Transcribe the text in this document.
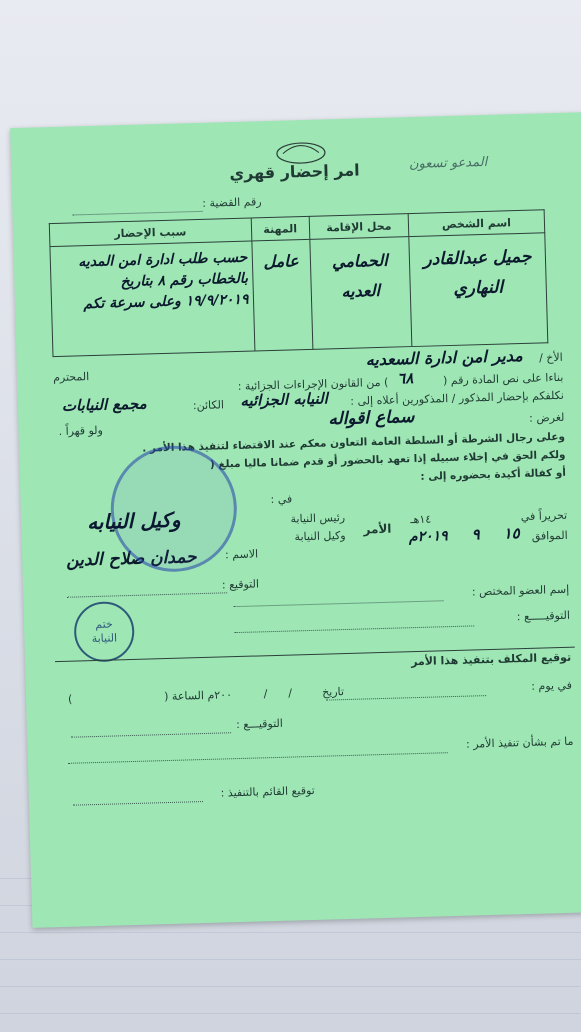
المدعو تسعون
امر إحضار قهري
رقم القضية :
اسم الشخص	محل الإقامة	المهنة	سبب الإحضار
جميل عبدالقادر النهاري	الحمامي العديه	عامل	حسب طلب ادارة امن المديه بالخطاب رقم ٨ بتاريخ ١٩/٩/٢٠١٩ وعلى سرعة تكم
الأخ /
مدير امن ادارة السعديه
المحترم	بناءا على نص المادة رقم (
٦٨
) من القانون الإجراءات الجزائية :
نكلفكم بإحضار المذكور / المذكورين أعلاه إلى :
النيابه الجزائيه
الكائن:
مجمع النيابات
لغرض :
سماع اقواله
ولو قهراً .	وعلى رجال الشرطة أو السلطة العامة التعاون معكم عند الاقتضاء لتنفيذ هذا الأمر .
ولكم الحق في إخلاء سبيله إذا تعهد بالحضور أو قدم ضمانا ماليا مبلغ (
أو كفالة أكيدة بحضوره إلى :
في :
تحريراً في
١٤هـ
الأمر
رئيس النيابة
وكيل النيابة	الموافق
١٥
٩
٢٠١٩م
الاسم :
حمدان صلاح الدين
التوقيع :
وكيل النيابه
إسم العضو المختص :
التوقيـــــع :
ختم
النيابة
توقيع المكلف بتنفيذ هذا الأمر
في يوم :
تاريخ
/      /
٢٠٠م الساعة (
)
التوقيـــع :
ما تم بشأن تنفيذ الأمر :
توقيع القائم بالتنفيذ :
